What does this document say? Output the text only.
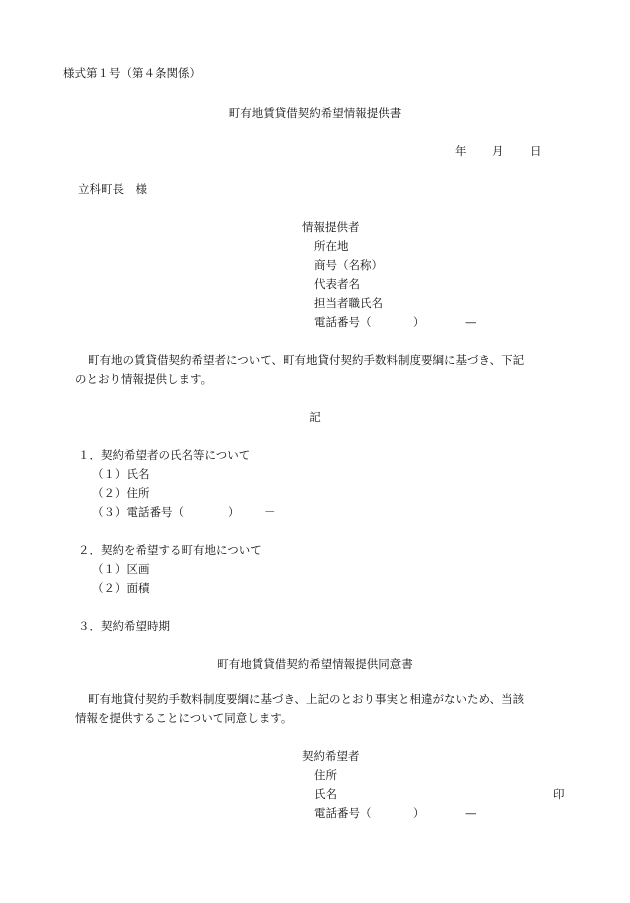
様式第１号（第４条関係）
町有地賃貸借契約希望情報提供書
年 月 日
立科町長　様
情報提供者
所在地
商号（名称）
代表者名
担当者職氏名
電話番号（	）	—
町有地の賃貸借契約希望者について、町有地貸付契約手数料制度要綱に基づき、下記
のとおり情報提供します。
記
１．契約希望者の氏名等について
（１）氏名
（２）住所
（３）電話番号（	） －
２．契約を希望する町有地について
（１）区画
（２）面積
３．契約希望時期
町有地賃貸借契約希望情報提供同意書
町有地貸付契約手数料制度要綱に基づき、上記のとおり事実と相違がないため、当該
情報を提供することについて同意します。
契約希望者
住所
氏名	印
電話番号（	）	—
